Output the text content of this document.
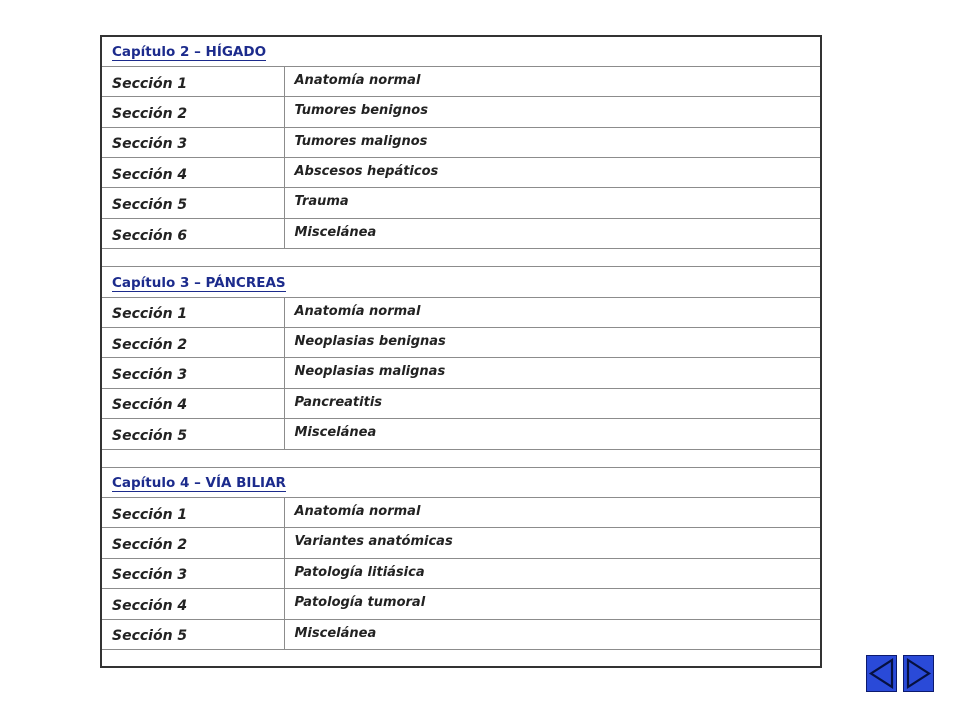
Capítulo 2 – HÍGADO	
Sección 1	Anatomía normal
Sección 2	Tumores benignos
Sección 3	Tumores malignos
Sección 4	Abscesos hepáticos
Sección 5	Trauma
Sección 6	Miscelánea

Capítulo 3 – PÁNCREAS	
Sección 1	Anatomía normal
Sección 2	Neoplasias benignas
Sección 3	Neoplasias malignas
Sección 4	Pancreatitis
Sección 5	Miscelánea

Capítulo 4 – VÍA BILIAR	
Sección 1	Anatomía normal
Sección 2	Variantes anatómicas
Sección 3	Patología litiásica
Sección 4	Patología tumoral
Sección 5	Miscelánea
